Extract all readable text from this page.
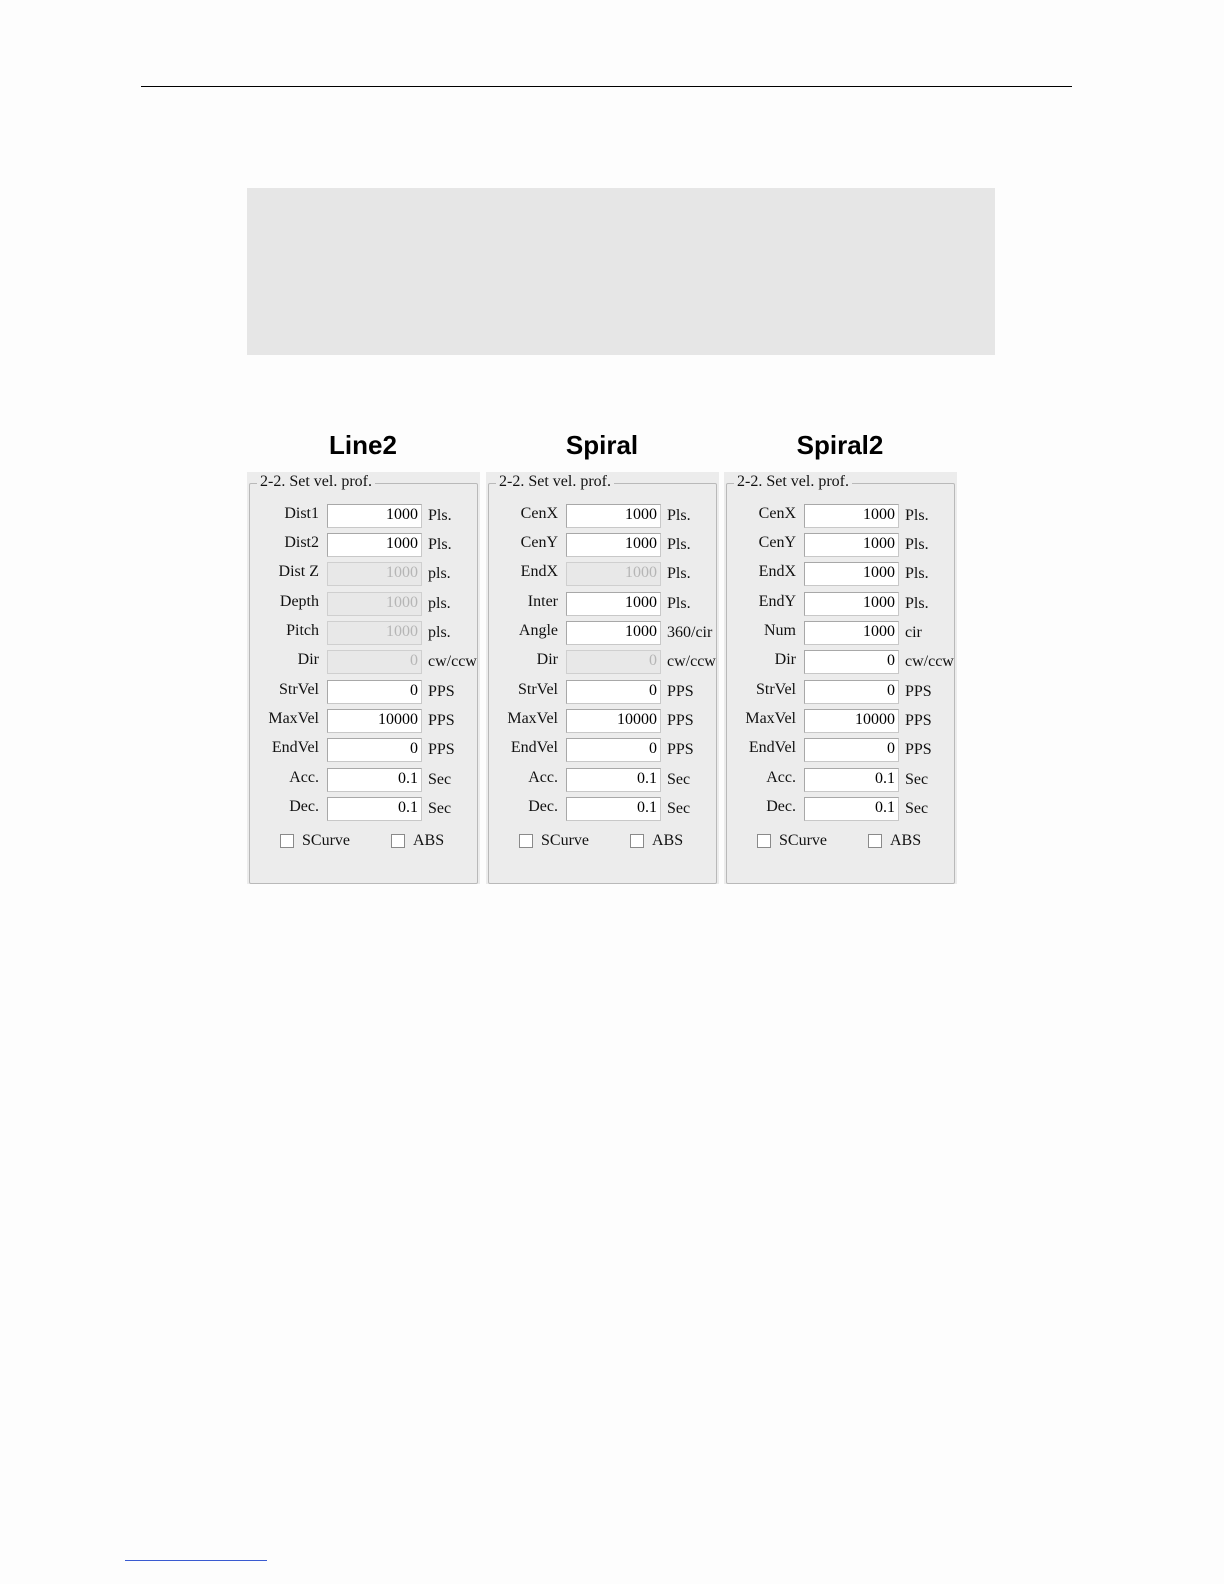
Line2
2-2. Set vel. prof.
Dist1	1000 Pls.
Dist2	1000 Pls.
Dist Z	1000 pls.
Depth	1000 pls.
Pitch	1000 pls.
Dir	0 cw/ccw
StrVel	0 PPS
MaxVel	10000 PPS
EndVel	0 PPS
Acc.	0.1 Sec
Dec.	0.1 Sec
SCurve	ABS
Spiral
2-2. Set vel. prof.
CenX	1000 Pls.
CenY	1000 Pls.
EndX	1000 Pls.
Inter	1000 Pls.
Angle	1000 360/cir
Dir	0 cw/ccw
StrVel	0 PPS
MaxVel	10000 PPS
EndVel	0 PPS
Acc.	0.1 Sec
Dec.	0.1 Sec
SCurve	ABS
Spiral2
2-2. Set vel. prof.
CenX	1000 Pls.
CenY	1000 Pls.
EndX	1000 Pls.
EndY	1000 Pls.
Num	1000 cir
Dir	0 cw/ccw
StrVel	0 PPS
MaxVel	10000 PPS
EndVel	0 PPS
Acc.	0.1 Sec
Dec.	0.1 Sec
SCurve	ABS
